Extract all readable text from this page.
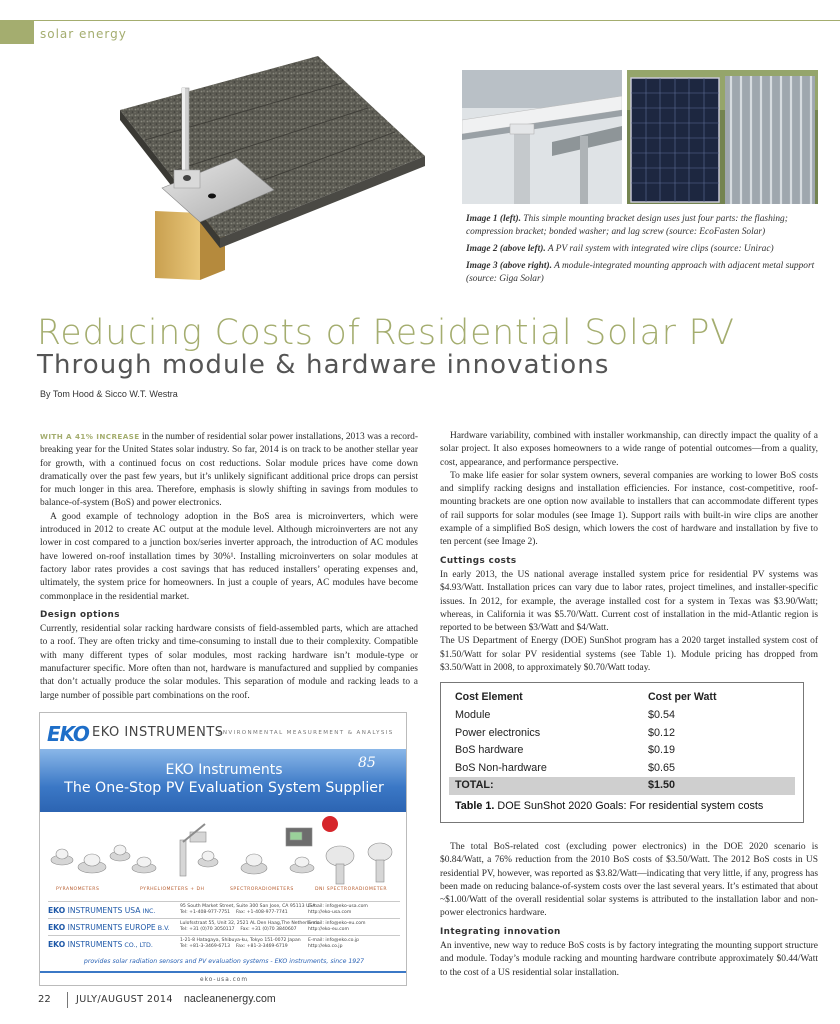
solar energy

Image 1 (left). This simple mounting bracket design uses just four parts: the flashing; compression bracket; bonded washer; and lag screw (source: EcoFasten Solar)

Image 2 (above left). A PV rail system with integrated wire clips (source: Unirac)

Image 3 (above right). A module-integrated mounting approach with adjacent metal support (source: Giga Solar)

Reducing Costs of Residential Solar PV
Through module & hardware innovations
By Tom Hood & Sicco W.T. Westra

WITH A 41% INCREASE in the number of residential solar power installations, 2013 was a record-breaking year for the United States solar industry. So far, 2014 is on track to be another stellar year for growth, with a continued focus on cost reductions. Solar module prices have come down dramatically over the past few years, but it’s unlikely significant additional price drops can persist for much longer in this area. Therefore, emphasis is slowly shifting in savings from modules to balance-of-system (BoS) and power electronics.

A good example of technology adoption in the BoS area is microinverters, which were introduced in 2012 to create AC output at the module level. Although microinverters are not any lower in cost compared to a junction box/series inverter approach, the introduction of AC modules have lowered on-roof installation times by 30%¹. Installing microinverters on solar modules at factory labor rates provides a cost savings that has reduced installers’ operating expenses and, ultimately, the system price for homeowners. In just a couple of years, AC modules have become commonplace in the residential market.

Design options

Currently, residential solar racking hardware consists of field-assembled parts, which are attached to a roof. They are often tricky and time-consuming to install due to their complexity. Compatible with many different types of solar modules, most racking hardware isn’t module-type or manufacturer specific. More often than not, hardware is manufactured and supplied by companies that don’t actually produce the solar modules. This separation of module and racking leads to a large number of possible part combinations on the roof.

Hardware variability, combined with installer workmanship, can directly impact the quality of a solar project. It also exposes homeowners to a wide range of potential outcomes—from a quality, cost, appearance, and performance perspective.

To make life easier for solar system owners, several companies are working to lower BoS costs and simplify racking designs and installation efficiencies. For instance, cost-competitive, roof-mounting brackets are one option now available to installers that can accommodate different types of rail supports for solar modules (see Image 1). Support rails with built-in wire clips are another example of a simplified BoS design, which lowers the cost of hardware and installation by five to ten percent (see Image 2).

Cuttings costs

In early 2013, the US national average installed system price for residential PV systems was $4.93/Watt. Installation prices can vary due to labor rates, project timelines, and installer-specific issues. In 2012, for example, the average installed cost for a system in Texas was $3.90/Watt; whereas, in California it was $5.70/Watt. Current cost of installation in the mid-Atlantic region is reported to be between $3/Watt and $4/Watt.

The US Department of Energy (DOE) SunShot program has a 2020 target installed system cost of $1.50/Watt for solar PV residential systems (see Table 1). Module pricing has dropped from $3.50/Watt in 2008, to approximately $0.70/Watt today.

Cost Element	Cost per Watt
Module	$0.54
Power electronics	$0.12
BoS hardware	$0.19
BoS Non-hardware	$0.65
TOTAL:	$1.50
Table 1. DOE SunShot 2020 Goals: For residential system costs

The total BoS-related cost (excluding power electronics) in the DOE 2020 scenario is $0.84/Watt, a 76% reduction from the 2010 BoS costs of $3.50/Watt. The 2012 BoS costs in US residential PV, however, was reported as $3.82/Watt—indicating that very little, if any, progress has been made on reducing balance-of-system costs over the last several years. It’s estimated that about ~$1.00/Watt of the overall residential solar systems is attributed to the installation labor and non-power electronics hardware.

Integrating innovation

An inventive, new way to reduce BoS costs is by factory integrating the mounting support structure and module. Today’s module racking and mounting hardware contribute approximately $0.44/Watt to the cost of a US residential solar installation.

EKO EKO INSTRUMENTS
ENVIRONMENTAL MEASUREMENT & ANALYSIS
85
EKO Instruments
The One-Stop PV Evaluation System Supplier
PYRANOMETERS	PYRHELIOMETERS + DH	SPECTRORADIOMETERS	DNI SPECTRORADIOMETER
EKO INSTRUMENTS USA INC.
95 South Market Street, Suite 300 San Jose, CA 95113 USA
Tel: +1-408-977-7751    Fax: +1-408-977-7741
E-mail: info@eko-usa.com
http://eko-usa.com
EKO INSTRUMENTS EUROPE B.V.
Lulofsstraat 55, Unit 32, 2521 AL Den Haag,The Netherlands
Tel: +31 (0)70 3050117    Fax: +31 (0)70 3840607
E-mail: info@eko-eu.com
http://eko-eu.com
EKO INSTRUMENTS CO., LTD.
1-21-8 Hatagaya, Shibuya-ku, Tokyo 151-0072 Japan
Tel: +81-3-3469-6713    Fax: +81-3-3469-6719
E-mail: info@eko.co.jp
http://eko.co.jp
provides solar radiation sensors and PV evaluation systems - EKO instruments, since 1927
eko-usa.com
22	JULY/AUGUST 2014 nacleanenergy.com
